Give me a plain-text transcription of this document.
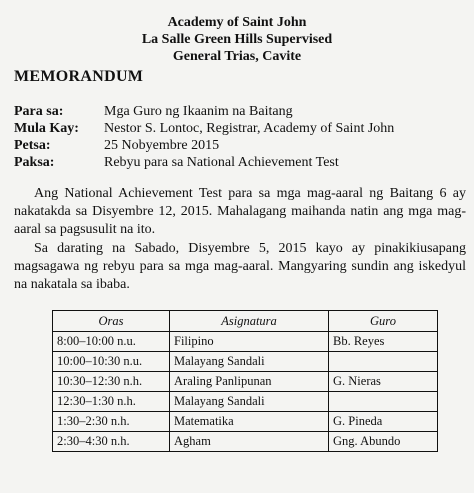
Academy of Saint John
La Salle Green Hills Supervised
General Trias, Cavite
MEMORANDUM
Para sa:	Mga Guro ng Ikaanim na Baitang
Mula Kay:	Nestor S. Lontoc, Registrar, Academy of Saint John
Petsa:	25 Nobyembre 2015
Paksa:	Rebyu para sa National Achievement Test

Ang National Achievement Test para sa mga mag-aaral ng Baitang 6 ay nakatakda sa Disyembre 12, 2015. Mahalagang maihanda natin ang mga mag-aaral sa pagsusulit na ito.

Sa darating na Sabado, Disyembre 5, 2015 kayo ay pinakikiusapang magsagawa ng rebyu para sa mga mag-aaral. Mangyaring sundin ang iskedyul na nakatala sa ibaba.

Oras	Asignatura	Guro
8:00–10:00 n.u.	Filipino	Bb. Reyes
10:00–10:30 n.u.	Malayang Sandali	
10:30–12:30 n.h.	Araling Panlipunan	G. Nieras
12:30–1:30 n.h.	Malayang Sandali	
1:30–2:30 n.h.	Matematika	G. Pineda
2:30–4:30 n.h.	Agham	Gng. Abundo
